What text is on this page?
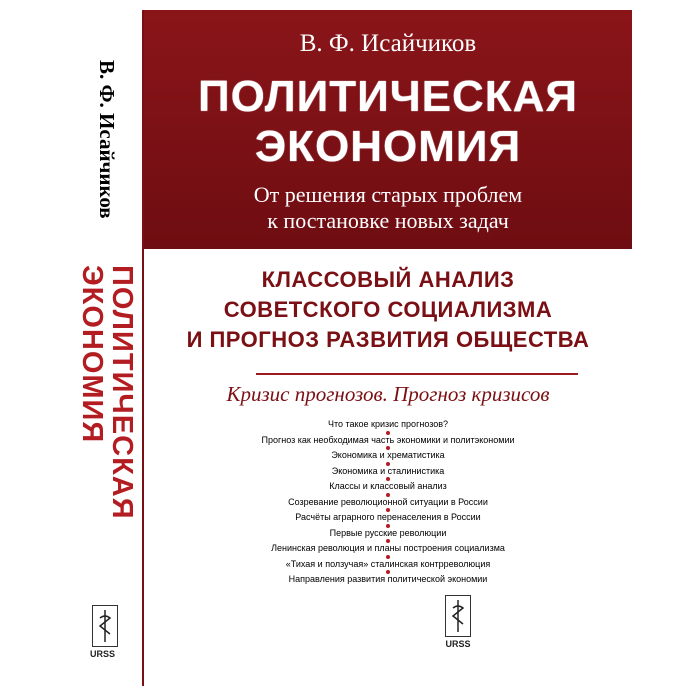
В. Ф. Исайчиков
ЭКОНОМИЯ
ПОЛИТИЧЕСКАЯ
URSS
В. Ф. Исайчиков
ПОЛИТИЧЕСКАЯ
ЭКОНОМИЯ
От решения старых проблем
к постановке новых задач
КЛАССОВЫЙ АНАЛИЗ
СОВЕТСКОГО СОЦИАЛИЗМА
И ПРОГНОЗ РАЗВИТИЯ ОБЩЕСТВА
Кризис прогнозов. Прогноз кризисов
Что такое кризис прогнозов?
Прогноз как необходимая часть экономики и политэкономии
Экономика и хрематистика
Экономика и сталинистика
Классы и классовый анализ
Созревание революционной ситуации в России
Расчёты аграрного перенаселения в России
Первые русские революции
Ленинская революция и планы построения социализма
«Тихая и ползучая» сталинская контрреволюция
Направления развития политической экономии
URSS
